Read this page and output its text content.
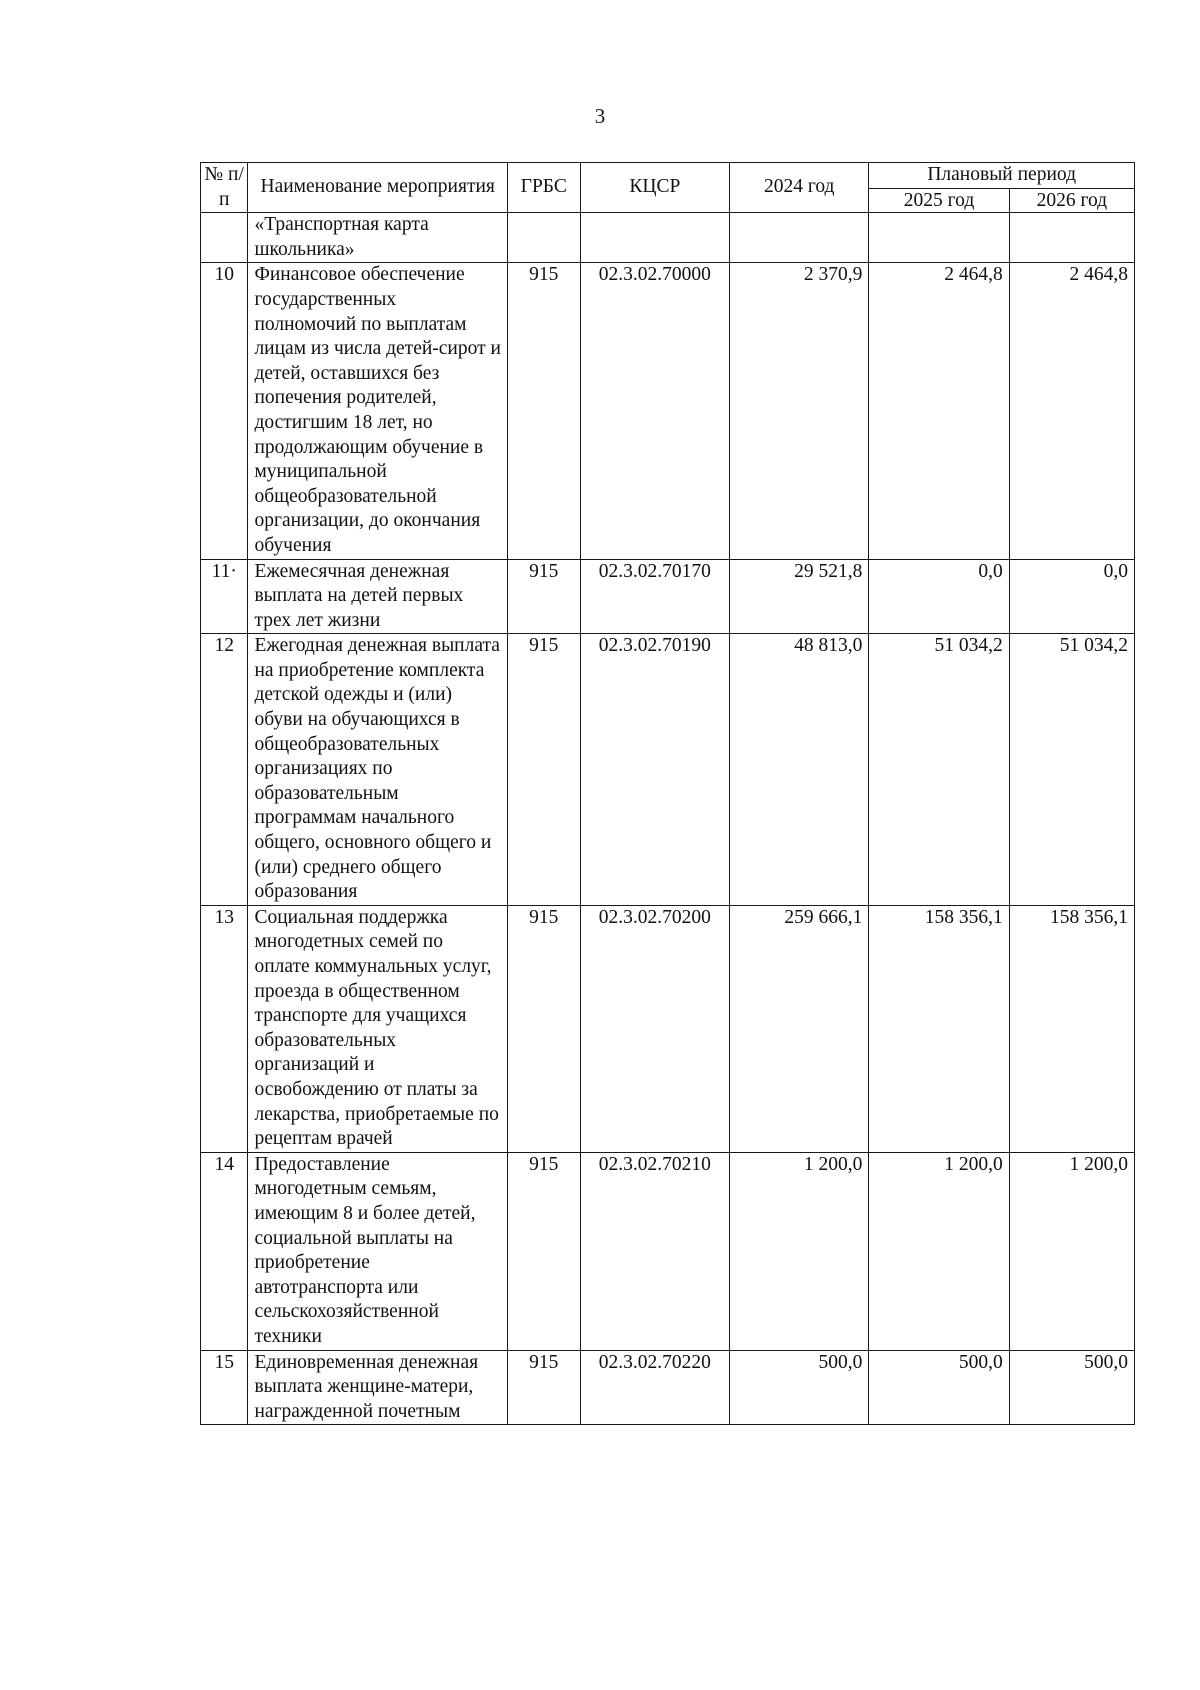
3
№ п/п	Наименование мероприятия	ГРБС	КЦСР	2024 год	Плановый период	
					2025 год	2026 год
	«Транспортная карта школьника»					
10	Финансовое обеспечение государственных полномочий по выплатам лицам из числа детей-сирот и детей, оставшихся без попечения родителей, достигшим 18 лет, но продолжающим обучение в муниципальной общеобразовательной организации, до окончания обучения	915	02.3.02.70000	2 370,9	2 464,8	2 464,8
11·	Ежемесячная денежная выплата на детей первых трех лет жизни	915	02.3.02.70170	29 521,8	0,0	0,0
12	Ежегодная денежная выплата на приобретение комплекта детской одежды и (или) обуви на обучающихся в общеобразовательных организациях по образовательным программам начального общего, основного общего и (или) среднего общего образования	915	02.3.02.70190	48 813,0	51 034,2	51 034,2
13	Социальная поддержка многодетных семей по оплате коммунальных услуг, проезда в общественном транспорте для учащихся образовательных организаций и освобождению от платы за лекарства, приобретаемые по рецептам врачей	915	02.3.02.70200	259 666,1	158 356,1	158 356,1
14	Предоставление многодетным семьям, имеющим 8 и более детей, социальной выплаты на приобретение автотранспорта или сельскохозяйственной техники	915	02.3.02.70210	1 200,0	1 200,0	1 200,0
15	Единовременная денежная выплата женщине-матери, награжденной почетным	915	02.3.02.70220	500,0	500,0	500,0
